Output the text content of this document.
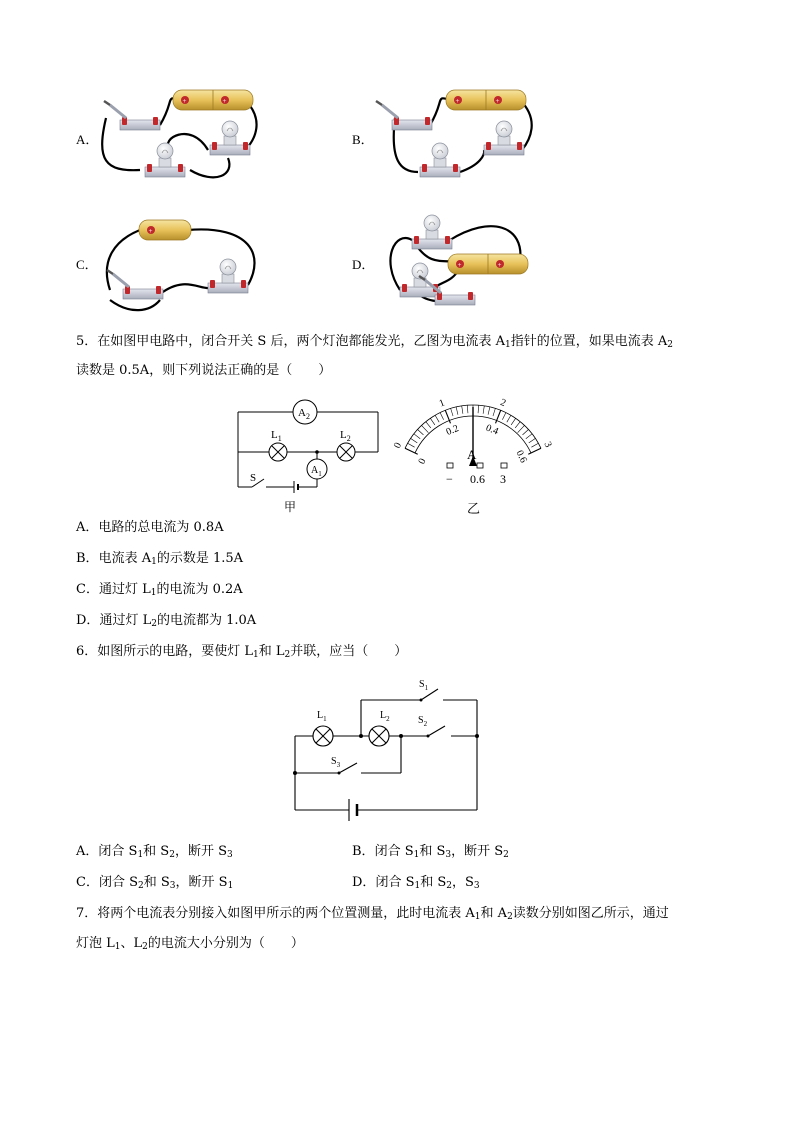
A．	B．
C．	D．
+
5．在如图甲电路中，闭合开关 S 后，两个灯泡都能发光，乙图为电流表 $A_1$指针的位置，如果电流表 $A_2$
读数是 0.5A，则下列说法正确的是（　　）
$A_2$
$L_1$	$L_2$
$A_1$
S
甲
0
1	2
3
0
0.2 0.4
0.6
A
乙
− 0.6 3
A．电路的总电流为 0.8A
B．电流表 $A_1$的示数是 1.5A
C．通过灯 $L_1$的电流为 0.2A
D．通过灯 $L_2$的电流都为 1.0A
6．如图所示的电路，要使灯 $L_1$和 $L_2$并联，应当（　　）
$L_1$	$L_2$
$S_1$
$S_2$
$S_3$
A．闭合 $S_1$和 $S_2$，断开 $S_3$	B．闭合 $S_1$和 $S_3$，断开 $S_2$
C．闭合 $S_2$和 $S_3$，断开 $S_1$	D．闭合 $S_1$和 $S_2$，$S_3$
7．将两个电流表分别接入如图甲所示的两个位置测量，此时电流表 $A_1$和 $A_2$读数分别如图乙所示，通过
灯泡 $L_1$、$L_2$的电流大小分别为（　　）
